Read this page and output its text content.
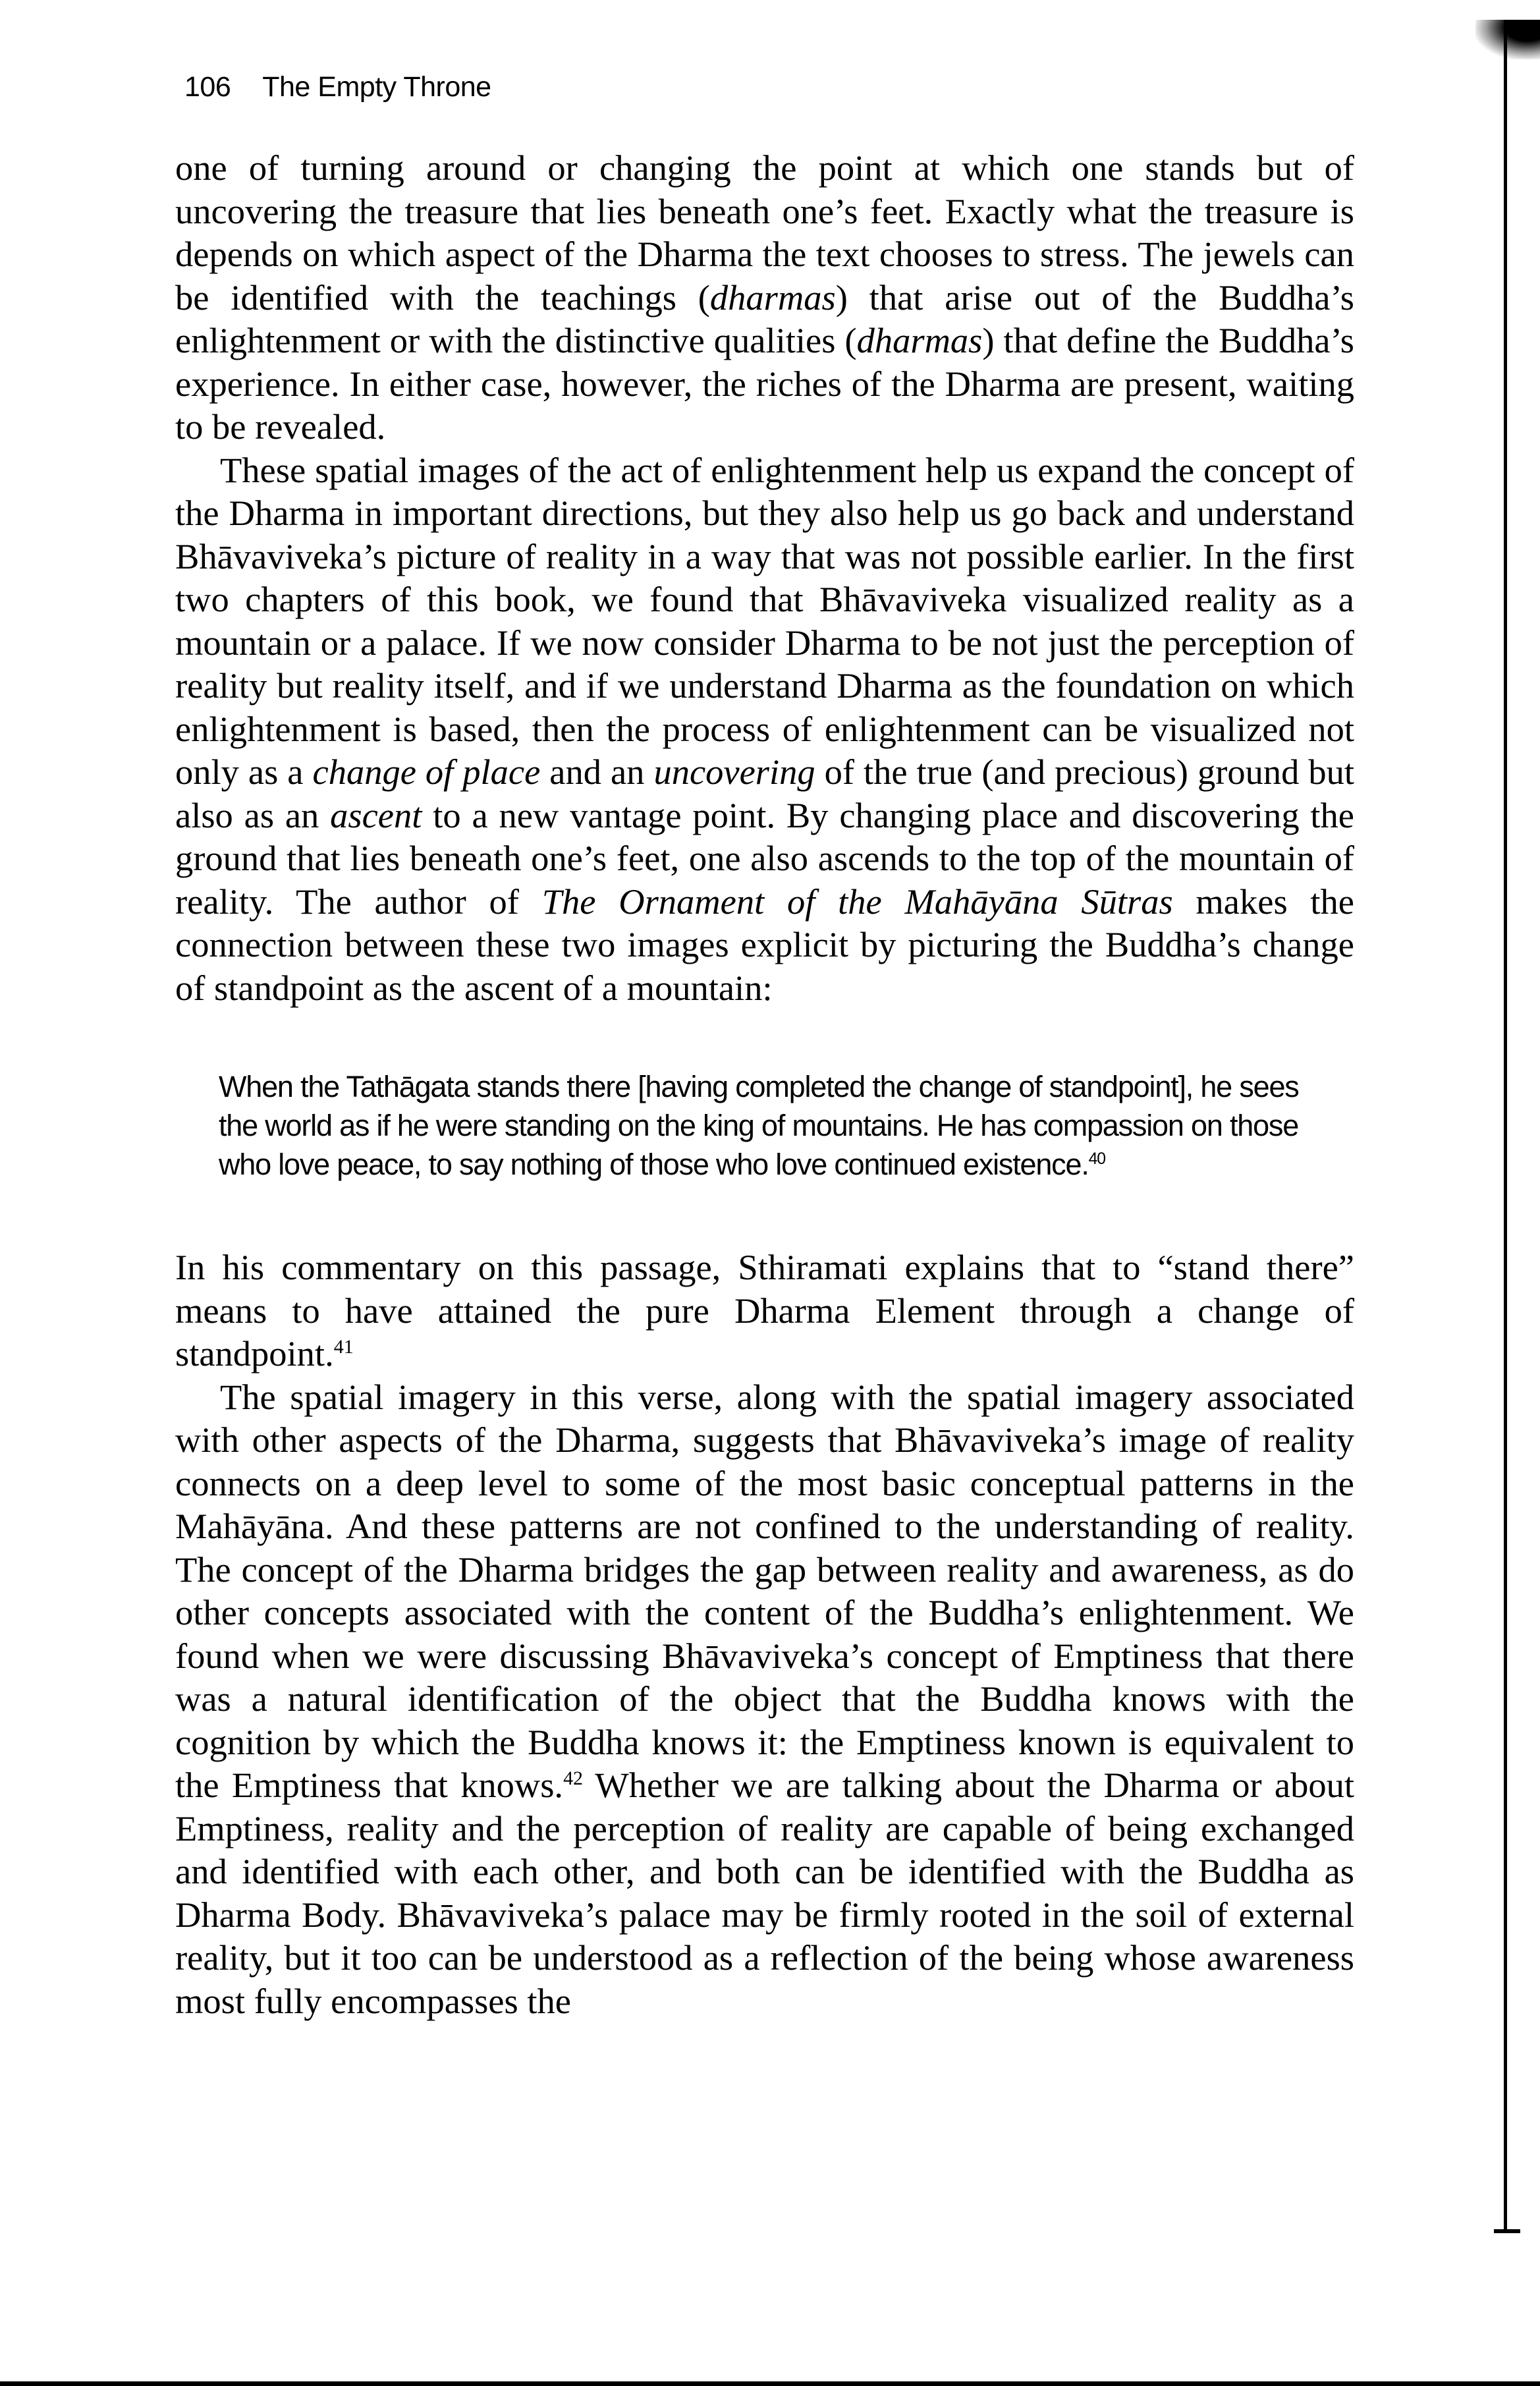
106 The Empty Throne

one of turning around or changing the point at which one stands but of uncovering the treasure that lies beneath one’s feet. Exactly what the treasure is depends on which aspect of the Dharma the text chooses to stress. The jewels can be identified with the teachings (dharmas) that arise out of the Buddha’s enlightenment or with the distinctive qualities (dharmas) that define the Buddha’s experience. In either case, however, the riches of the Dharma are present, waiting to be revealed.

These spatial images of the act of enlightenment help us expand the concept of the Dharma in important directions, but they also help us go back and understand Bhāvaviveka’s picture of reality in a way that was not possible earlier. In the first two chapters of this book, we found that Bhāvaviveka visualized reality as a mountain or a palace. If we now consider Dharma to be not just the perception of reality but reality itself, and if we understand Dharma as the foundation on which enlightenment is based, then the process of enlightenment can be visualized not only as a change of place and an uncovering of the true (and precious) ground but also as an ascent to a new vantage point. By changing place and discovering the ground that lies beneath one’s feet, one also ascends to the top of the mountain of reality. The author of The Ornament of the Mahāyāna Sūtras makes the connection between these two images explicit by picturing the Buddha’s change of standpoint as the ascent of a mountain:

When the Tathāgata stands there [having completed the change of standpoint], he sees the world as if he were standing on the king of mountains. He has compassion on those who love peace, to say nothing of those who love continued existence.$^{40}$

In his commentary on this passage, Sthiramati explains that to “stand there” means to have attained the pure Dharma Element through a change of standpoint.$^{41}$

The spatial imagery in this verse, along with the spatial imagery associated with other aspects of the Dharma, suggests that Bhāvaviveka’s image of reality connects on a deep level to some of the most basic conceptual patterns in the Mahāyāna. And these patterns are not confined to the understanding of reality. The concept of the Dharma bridges the gap between reality and awareness, as do other concepts associated with the content of the Buddha’s enlightenment. We found when we were discussing Bhāvaviveka’s concept of Emptiness that there was a natural identification of the object that the Buddha knows with the cognition by which the Buddha knows it: the Emptiness known is equivalent to the Emptiness that knows.$^{42}$ Whether we are talking about the Dharma or about Emptiness, reality and the perception of reality are capable of being exchanged and identified with each other, and both can be identified with the Buddha as Dharma Body. Bhāvaviveka’s palace may be firmly rooted in the soil of external reality, but it too can be understood as a reflection of the being whose awareness most fully encompasses the
